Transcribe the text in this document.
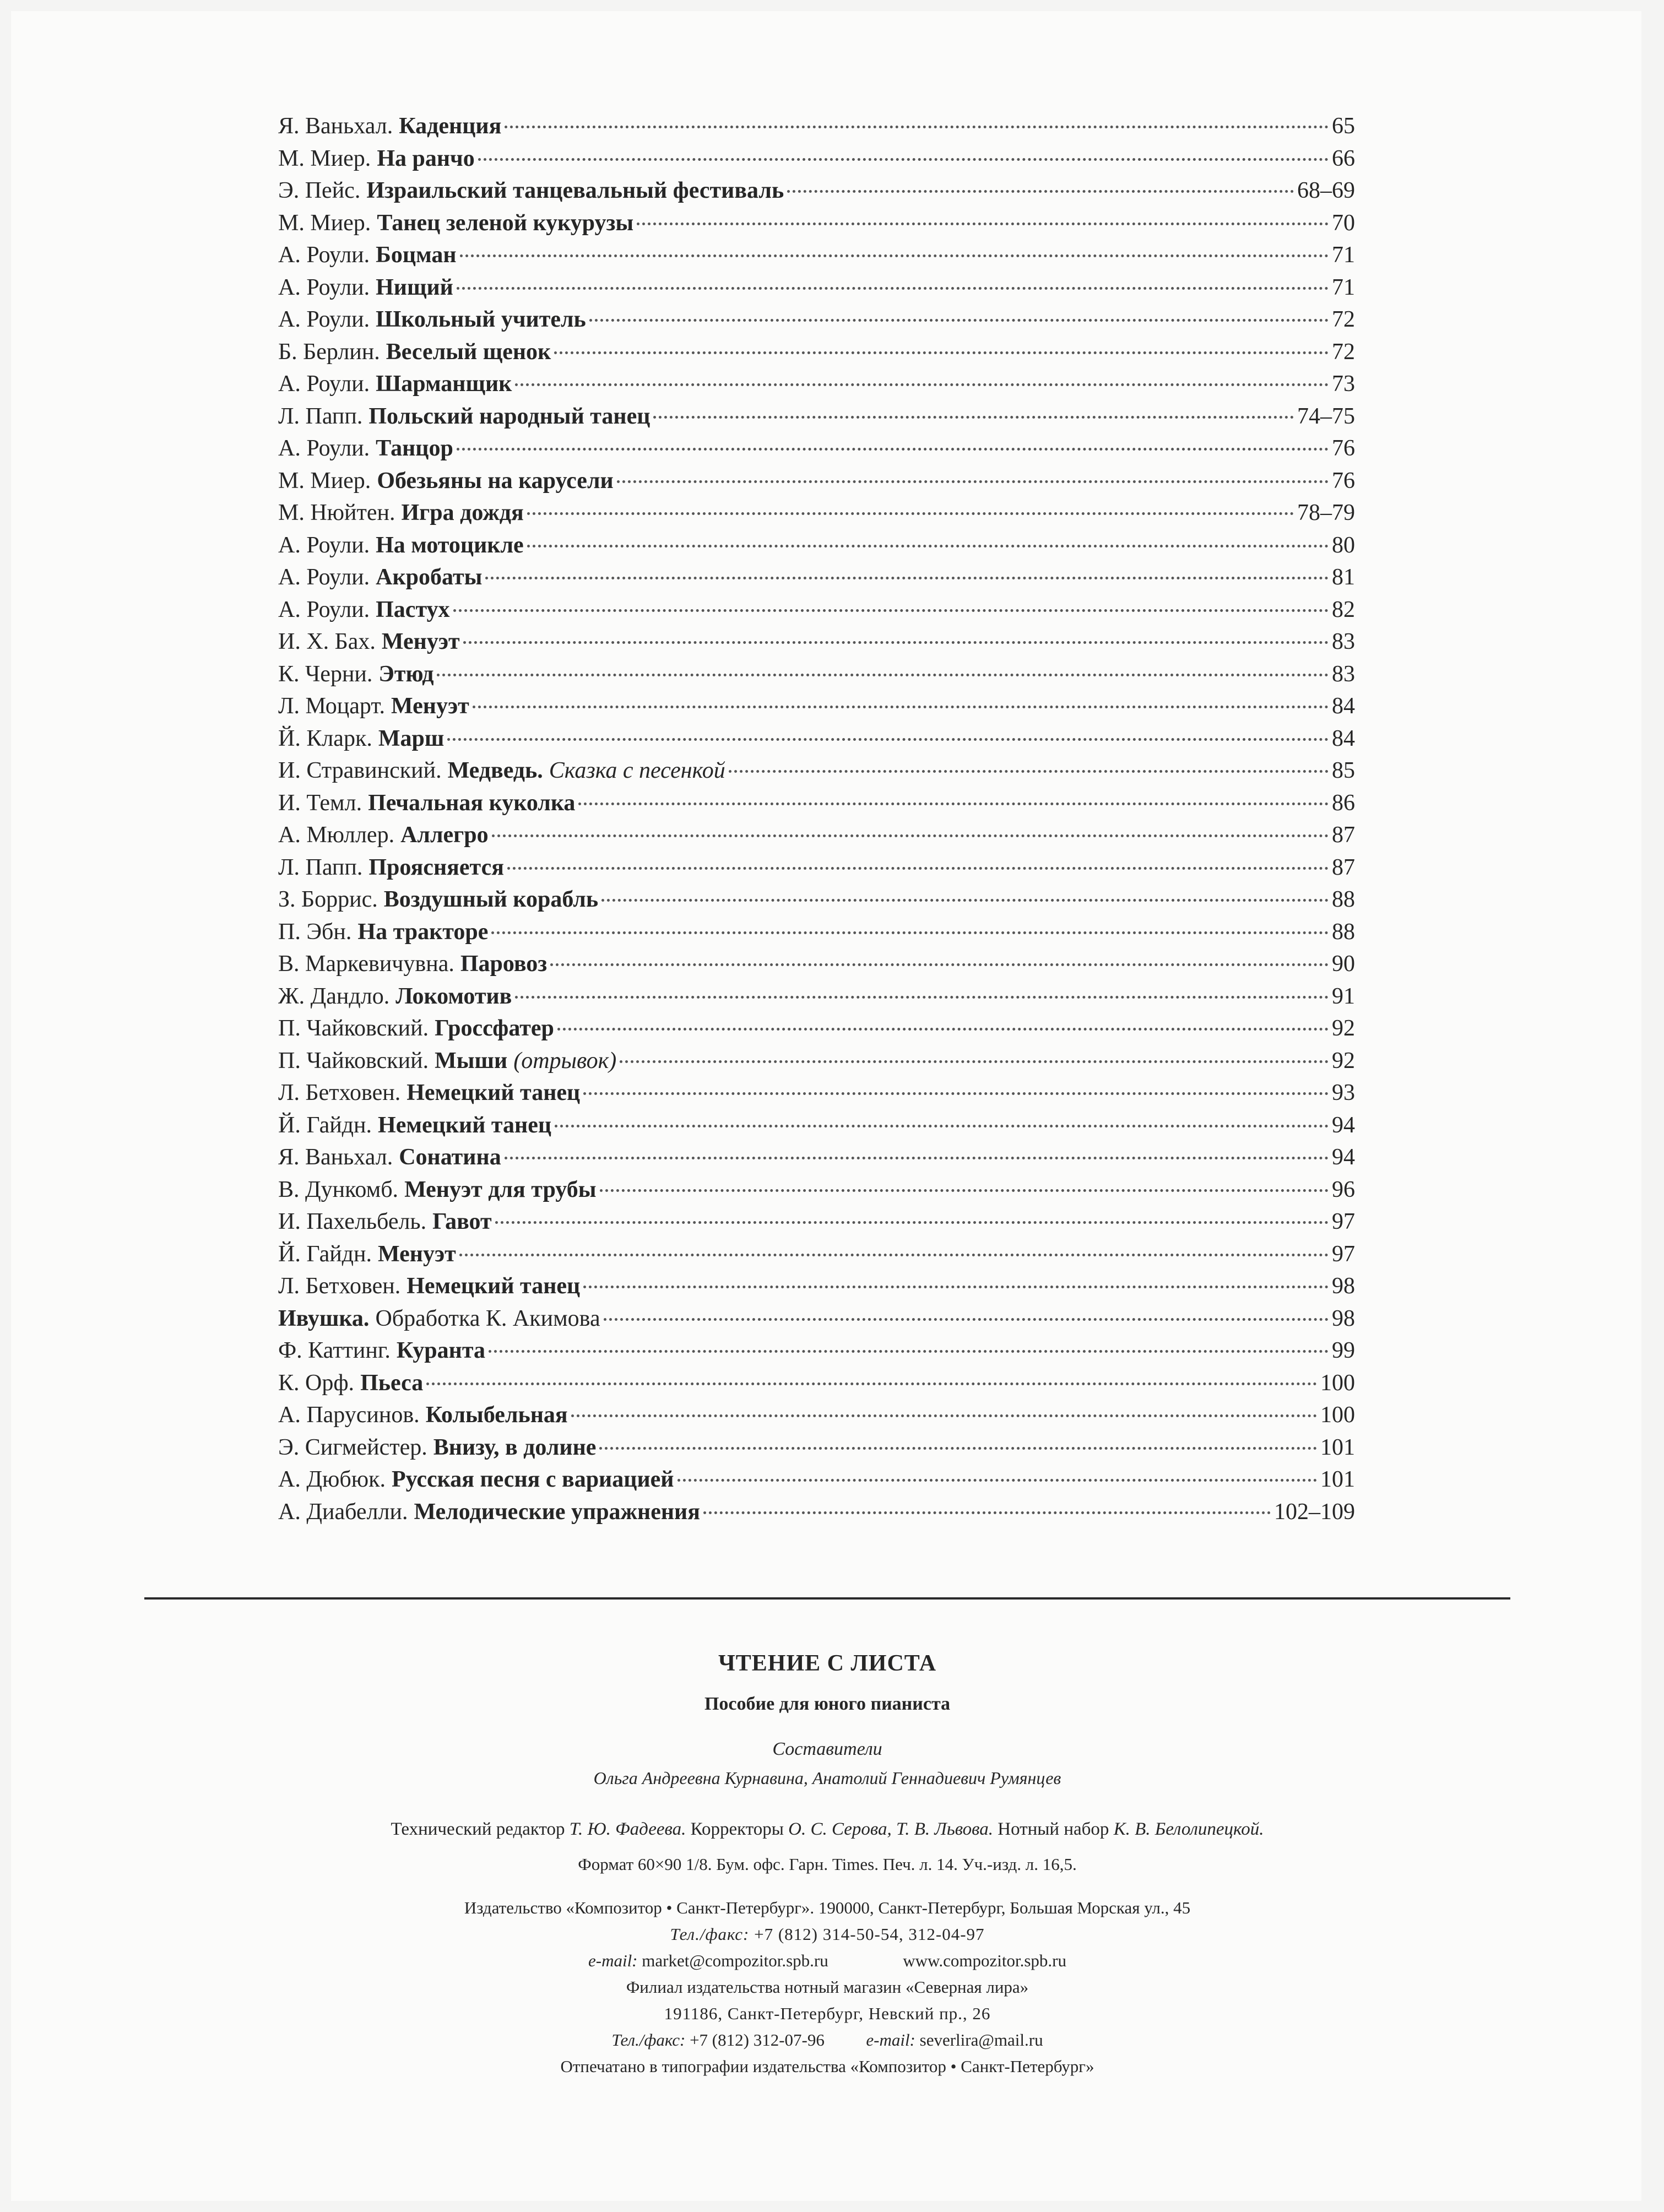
Я. Ваньхал. Каденция	65
М. Миер. На ранчо	66
Э. Пейс. Израильский танцевальный фестиваль	68–69
М. Миер. Танец зеленой кукурузы	70
А. Роули. Боцман	71
А. Роули. Нищий	71
А. Роули. Школьный учитель	72
Б. Берлин. Веселый щенок	72
А. Роули. Шарманщик	73
Л. Папп. Польский народный танец	74–75
А. Роули. Танцор	76
М. Миер. Обезьяны на карусели	76
М. Нюйтен. Игра дождя	78–79
А. Роули. На мотоцикле	80
А. Роули. Акробаты	81
А. Роули. Пастух	82
И. Х. Бах. Менуэт	83
К. Черни. Этюд	83
Л. Моцарт. Менуэт	84
Й. Кларк. Марш	84
И. Стравинский. Медведь. Сказка с песенкой	85
И. Темл. Печальная куколка	86
А. Мюллер. Аллегро	87
Л. Папп. Проясняется	87
З. Боррис. Воздушный корабль	88
П. Эбн. На тракторе	88
В. Маркевичувна. Паровоз	90
Ж. Дандло. Локомотив	91
П. Чайковский. Гроссфатер	92
П. Чайковский. Мыши (отрывок)	92
Л. Бетховен. Немецкий танец	93
Й. Гайдн. Немецкий танец	94
Я. Ваньхал. Сонатина	94
В. Дункомб. Менуэт для трубы	96
И. Пахельбель. Гавот	97
Й. Гайдн. Менуэт	97
Л. Бетховен. Немецкий танец	98
Ивушка. Обработка К. Акимова	98
Ф. Каттинг. Куранта	99
К. Орф. Пьеса	100
А. Парусинов. Колыбельная	100
Э. Сигмейстер. Внизу, в долине	101
А. Дюбюк. Русская песня с вариацией	101
А. Диабелли. Мелодические упражнения	102–109
ЧТЕНИЕ С ЛИСТА
Пособие для юного пианиста
Составители
Ольга Андреевна Курнавина, Анатолий Геннадиевич Румянцев
Технический редактор Т. Ю. Фадеева. Корректоры О. С. Серова, Т. В. Львова. Нотный набор К. В. Белолипецкой.
Формат 60×90 1/8. Бум. офс. Гарн. Times. Печ. л. 14. Уч.-изд. л. 16,5.
Издательство «Композитор • Санкт-Петербург». 190000, Санкт-Петербург, Большая Морская ул., 45
Тел./факс: +7 (812) 314-50-54, 312-04-97
e-mail: market@compozitor.spb.ru	www.compozitor.spb.ru
Филиал издательства нотный магазин «Северная лира»
191186, Санкт-Петербург, Невский пр., 26
Тел./факс: +7 (812) 312-07-96 e-mail: severlira@mail.ru
Отпечатано в типографии издательства «Композитор • Санкт-Петербург»
